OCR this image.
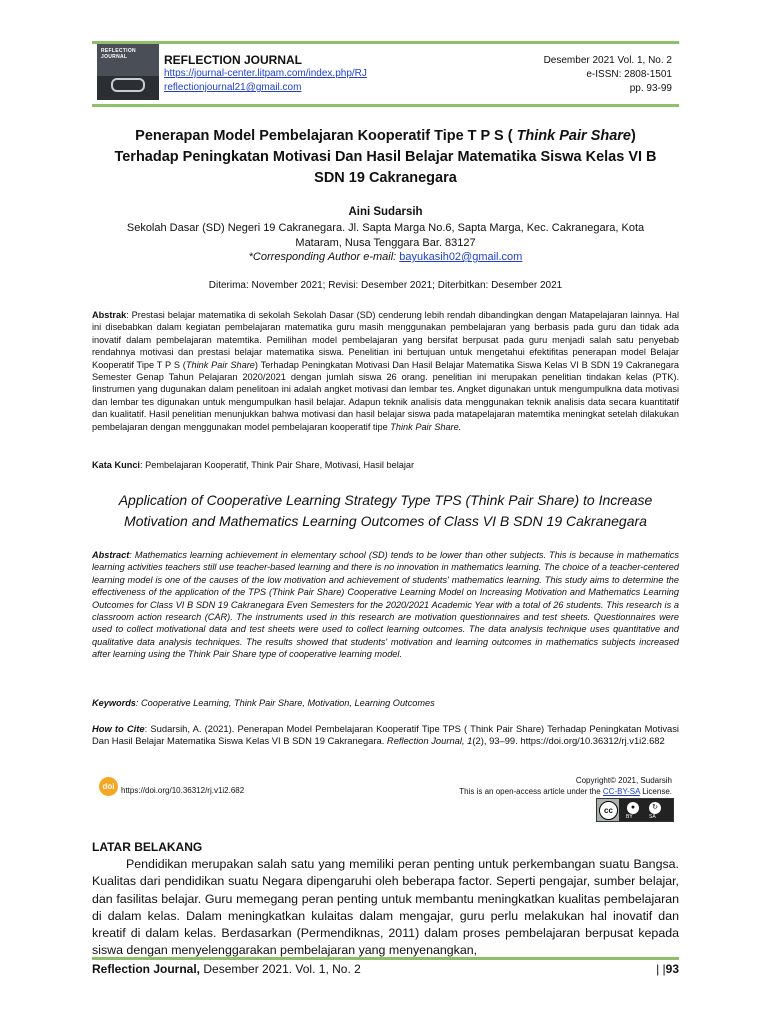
REFLECTION JOURNAL	REFLECTION JOURNAL
https://journal-center.litpam.com/index.php/RJ
reflectionjournal21@gmail.com
Desember 2021 Vol. 1, No. 2
e-ISSN: 2808-1501
pp. 93-99
Penerapan Model Pembelajaran Kooperatif Tipe T P S ( Think Pair Share)
Terhadap Peningkatan Motivasi Dan Hasil Belajar Matematika Siswa Kelas VI B
SDN 19 Cakranegara
Aini Sudarsih
Sekolah Dasar (SD) Negeri 19 Cakranegara. Jl. Sapta Marga No.6, Sapta Marga, Kec. Cakranegara, Kota
Mataram, Nusa Tenggara Bar. 83127
*Corresponding Author e-mail: bayukasih02@gmail.com
Diterima: November 2021; Revisi: Desember 2021; Diterbitkan: Desember 2021
Abstrak: Prestasi belajar matematika di sekolah Sekolah Dasar (SD) cenderung lebih rendah dibandingkan dengan Matapelajaran lainnya. Hal ini disebabkan dalam kegiatan pembelajaran matematika guru masih menggunakan pembelajaran yang berbasis pada guru dan tidak ada inovatif dalam pembelajaran matemtika. Pemilihan model pembelajaran yang bersifat berpusat pada guru menjadi salah satu penyebab rendahnya motivasi dan prestasi belajar matematika siswa. Penelitian ini bertujuan untuk mengetahui efektifitas penerapan model Belajar Kooperatif Tipe T P S (Think Pair Share) Terhadap Peningkatan Motivasi Dan Hasil Belajar Matematika Siswa Kelas VI B SDN 19 Cakranegara Semester Genap Tahun Pelajaran 2020/2021 dengan jumlah siswa 26 orang. penelitian ini merupakan penelitian tindakan kelas (PTK). Iinstrumen yang dugunakan dalam penelitoan ini adalah angket motivasi dan lembar tes. Angket digunakan untuk mengumpulkna data motivasi dan lembar tes digunakan untuk mengumpulkan hasil belajar. Adapun teknik analisis data menggunakan teknik analisis data secara kuantitatif dan kualitatif. Hasil penelitian menunjukkan bahwa motivasi dan hasil belajar siswa pada matapelajaran matemtika meningkat setelah dilakukan pembelajaran dengan menggunakan model pembelajaran kooperatif tipe Think Pair Share.
Kata Kunci: Pembelajaran Kooperatif, Think Pair Share, Motivasi, Hasil belajar
Application of Cooperative Learning Strategy Type TPS (Think Pair Share) to Increase
Motivation and Mathematics Learning Outcomes of Class VI B SDN 19 Cakranegara
Abstract: Mathematics learning achievement in elementary school (SD) tends to be lower than other subjects. This is because in mathematics learning activities teachers still use teacher-based learning and there is no innovation in mathematics learning. The choice of a teacher-centered learning model is one of the causes of the low motivation and achievement of students' mathematics learning. This study aims to determine the effectiveness of the application of the TPS (Think Pair Share) Cooperative Learning Model on Increasing Motivation and Mathematics Learning Outcomes for Class VI B SDN 19 Cakranegara Even Semesters for the 2020/2021 Academic Year with a total of 26 students. This research is a classroom action research (CAR). The instruments used in this research are motivation questionnaires and test sheets. Questionnaires were used to collect motivational data and test sheets were used to collect learning outcomes. The data analysis technique uses quantitative and qualitative data analysis techniques. The results showed that students' motivation and learning outcomes in mathematics subjects increased after learning using the Think Pair Share type of cooperative learning model.
Keywords: Cooperative Learning, Think Pair Share, Motivation, Learning Outcomes
How to Cite: Sudarsih, A. (2021). Penerapan Model Pembelajaran Kooperatif Tipe TPS ( Think Pair Share) Terhadap Peningkatan Motivasi Dan Hasil Belajar Matematika Siswa Kelas VI B SDN 19 Cakranegara. Reflection Journal, 1(2), 93–99. https://doi.org/10.36312/rj.v1i2.682
doi https://doi.org/10.36312/rj.v1i2.682
Copyright© 2021, Sudarsih
This is an open-access article under the CC-BY-SA License.
cc	●	↻
BY	SA
LATAR BELAKANG
Pendidikan merupakan salah satu yang memiliki peran penting untuk perkembangan suatu Bangsa. Kualitas dari pendidikan suatu Negara dipengaruhi oleh beberapa factor. Seperti pengajar, sumber belajar, dan fasilitas belajar. Guru memegang peran penting untuk membantu meningkatkan kualitas pembelajaran di dalam kelas. Dalam meningkatkan kulaitas dalam mengajar, guru perlu melakukan hal inovatif dan kreatif di dalam kelas. Berdasarkan (Permendiknas, 2011) dalam proses pembelajaran berpusat kepada siswa dengan menyelenggarakan pembelajaran yang menyenangkan,
Reflection Journal, Desember 2021. Vol. 1, No. 2	| |93
